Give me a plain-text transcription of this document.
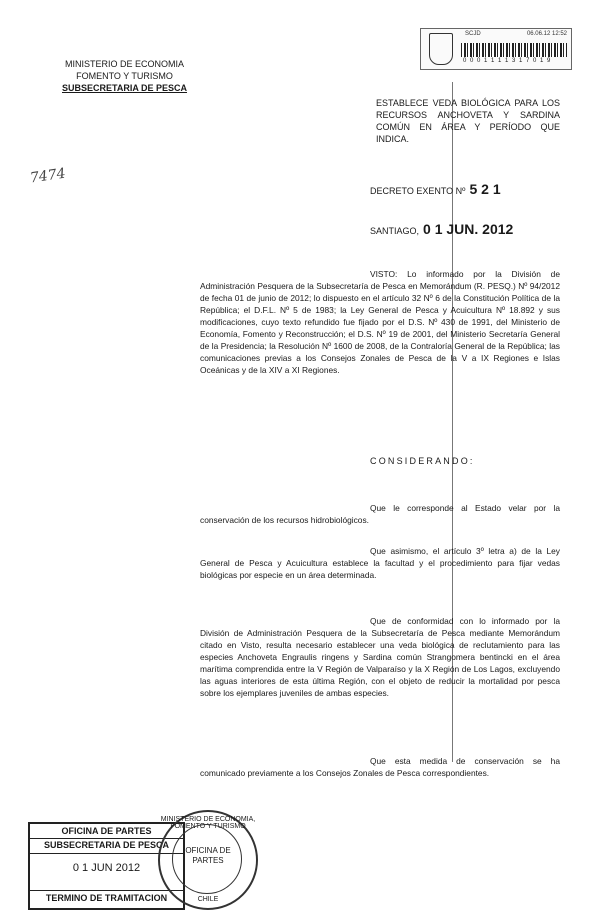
MINISTERIO DE ECONOMIA
FOMENTO Y TURISMO
SUBSECRETARIA DE PESCA
7474
SCJD	06.06.12 12:52
0 0 0 1 1 1 1 3 1 7 0 1 9
ESTABLECE VEDA BIOLÓGICA PARA LOS RECURSOS ANCHOVETA Y SARDINA COMÚN EN ÁREA Y PERÍODO QUE INDICA.
DECRETO EXENTO Nº 5 2 1
SANTIAGO, 0 1 JUN. 2012
VISTO: Lo informado por la División de Administración Pesquera de la Subsecretaría de Pesca en Memorándum (R. PESQ.) Nº 94/2012 de fecha 01 de junio de 2012; lo dispuesto en el artículo 32 Nº 6 de la Constitución Política de la República; el D.F.L. Nº 5 de 1983; la Ley General de Pesca y Acuicultura Nº 18.892 y sus modificaciones, cuyo texto refundido fue fijado por el D.S. Nº 430 de 1991, del Ministerio de Economía, Fomento y Reconstrucción; el D.S. Nº 19 de 2001, del Ministerio Secretaría General de la Presidencia; la Resolución Nº 1600 de 2008, de la Contraloría General de la República; las comunicaciones previas a los Consejos Zonales de Pesca de la V a IX Regiones e Islas Oceánicas y de la XIV a XI Regiones.
CONSIDERANDO:
Que le corresponde al Estado velar por la conservación de los recursos hidrobiológicos.
Que asimismo, el artículo 3º letra a) de la Ley General de Pesca y Acuicultura establece la facultad y el procedimiento para fijar vedas biológicas por especie en un área determinada.
Que de conformidad con lo informado por la División de Administración Pesquera de la Subsecretaría de Pesca mediante Memorándum citado en Visto, resulta necesario establecer una veda biológica de reclutamiento para las especies Anchoveta Engraulis ringens y Sardina común Strangomera bentincki en el área marítima comprendida entre la V Región de Valparaíso y la X Región de Los Lagos, excluyendo las aguas interiores de esta última Región, con el objeto de reducir la mortalidad por pesca sobre los ejemplares juveniles de ambas especies.
Que esta medida de conservación se ha comunicado previamente a los Consejos Zonales de Pesca correspondientes.
OFICINA DE PARTES
SUBSECRETARIA DE PESCA
0 1 JUN 2012
TERMINO DE TRAMITACION
MINISTERIO DE ECONOMIA, FOMENTO Y TURISMO
OFICINA DE PARTES
CHILE
